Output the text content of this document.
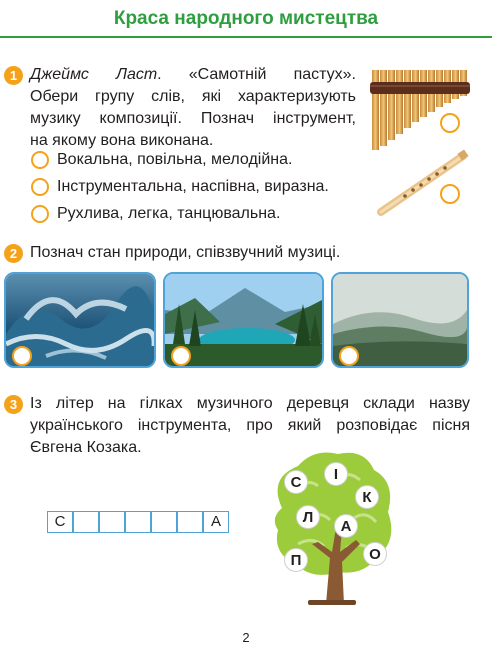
Краса народного мистецтва
1 Джеймс Ласт. «Самотній пастух».
Обери групу слів, які характеризують
музику композиції. Познач інструмент,
на якому вона виконана.
Вокальна, повільна, мелодійна.
Інструментальна, наспівна, виразна.
Рухлива, легка, танцювальна.
2 Познач стан природи, співзвучний музиці.
3 Із літер на гілках музичного деревця склади назву
українського інструмента, про який розповідає пісня
Євгена Козака.
С	А
С	І
К
Л
А
П	О
2
